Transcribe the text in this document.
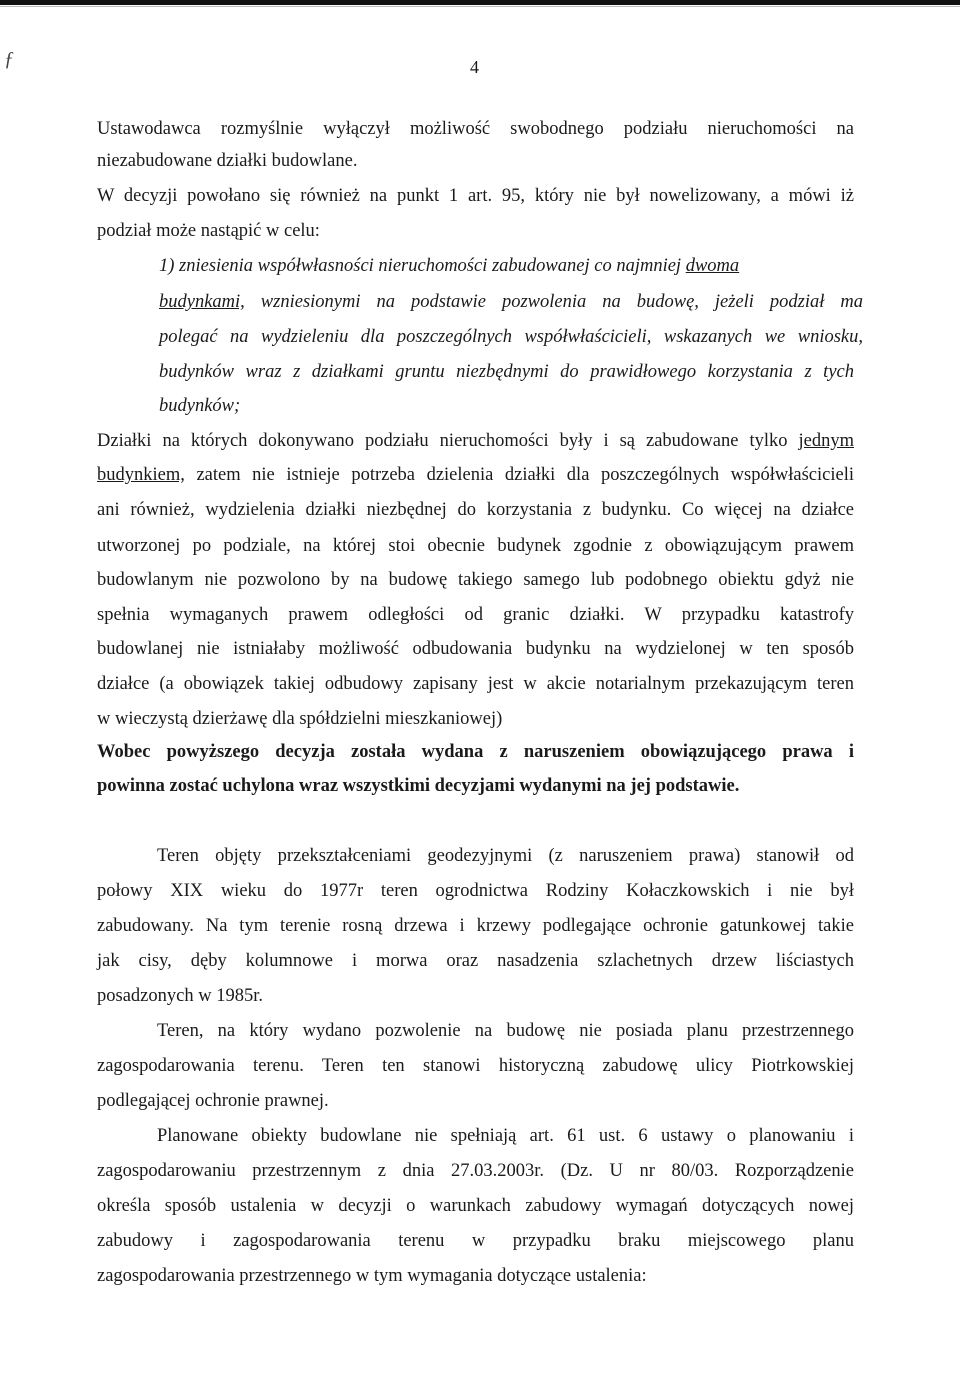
ƒ	4
Ustawodawca rozmyślnie wyłączył możliwość swobodnego podziału nieruchomości na
niezabudowane działki budowlane.
W decyzji powołano się również na punkt 1 art. 95, który nie był nowelizowany, a mówi iż
podział może nastąpić w celu:
1) zniesienia współwłasności nieruchomości zabudowanej co najmniej dwoma
budynkami, wzniesionymi na podstawie pozwolenia na budowę, jeżeli podział ma
polegać na wydzieleniu dla poszczególnych współwłaścicieli, wskazanych we wniosku,
budynków wraz z działkami gruntu niezbędnymi do prawidłowego korzystania z tych
budynków;
Działki na których dokonywano podziału nieruchomości były i są zabudowane tylko jednym
budynkiem, zatem nie istnieje potrzeba dzielenia działki dla poszczególnych współwłaścicieli
ani również, wydzielenia działki niezbędnej do korzystania z budynku. Co więcej na działce
utworzonej po podziale, na której stoi obecnie budynek zgodnie z obowiązującym prawem
budowlanym nie pozwolono by na budowę takiego samego lub podobnego obiektu gdyż nie
spełnia wymaganych prawem odległości od granic działki. W przypadku katastrofy
budowlanej nie istniałaby możliwość odbudowania budynku na wydzielonej w ten sposób
działce (a obowiązek takiej odbudowy zapisany jest w akcie notarialnym przekazującym teren
w wieczystą dzierżawę dla spółdzielni mieszkaniowej)
Wobec powyższego decyzja została wydana z naruszeniem obowiązującego prawa i
powinna zostać uchylona wraz wszystkimi decyzjami wydanymi na jej podstawie.
Teren objęty przekształceniami geodezyjnymi (z naruszeniem prawa) stanowił od
połowy XIX wieku do 1977r teren ogrodnictwa Rodziny Kołaczkowskich i nie był
zabudowany. Na tym terenie rosną drzewa i krzewy podlegające ochronie gatunkowej takie
jak cisy, dęby kolumnowe i morwa oraz nasadzenia szlachetnych drzew liściastych
posadzonych w 1985r.
Teren, na który wydano pozwolenie na budowę nie posiada planu przestrzennego
zagospodarowania terenu. Teren ten stanowi historyczną zabudowę ulicy Piotrkowskiej
podlegającej ochronie prawnej.
Planowane obiekty budowlane nie spełniają art. 61 ust. 6 ustawy o planowaniu i
zagospodarowaniu przestrzennym z dnia 27.03.2003r. (Dz. U nr 80/03. Rozporządzenie
określa sposób ustalenia w decyzji o warunkach zabudowy wymagań dotyczących nowej
zabudowy i zagospodarowania terenu w przypadku braku miejscowego planu
zagospodarowania przestrzennego w tym wymagania dotyczące ustalenia:
